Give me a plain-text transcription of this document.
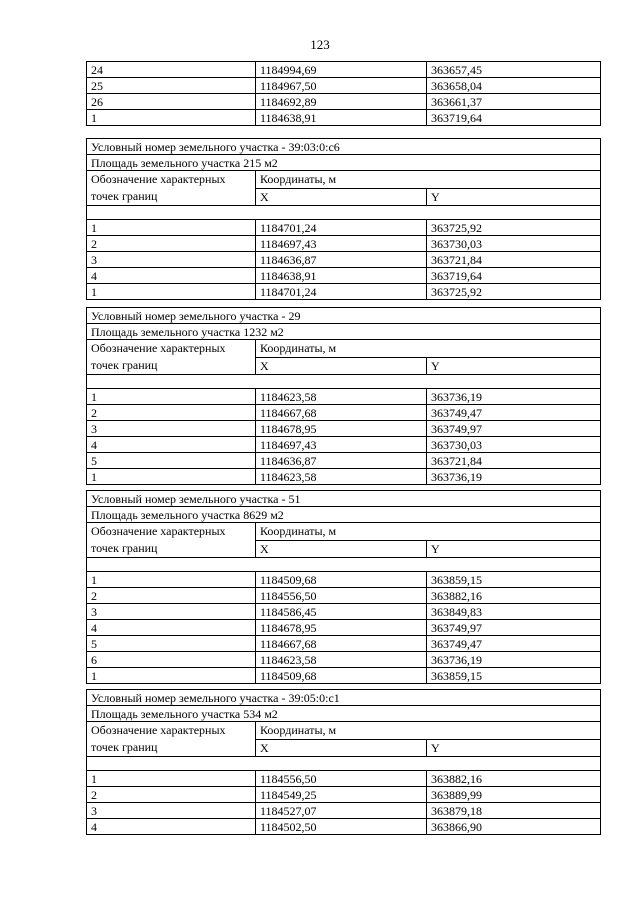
123
24	1184994,69	363657,45
25	1184967,50	363658,04
26	1184692,89	363661,37
1	1184638,91	363719,64
Условный номер земельного участка - 39:03:0:с6		
Площадь земельного участка 215 м2		

Обозначение характерных
точек границ	Координаты, м	
	X	Y

1	1184701,24	363725,92
2	1184697,43	363730,03
3	1184636,87	363721,84
4	1184638,91	363719,64
1	1184701,24	363725,92
Условный номер земельного участка - 29		
Площадь земельного участка 1232 м2		

Обозначение характерных
точек границ	Координаты, м	
	X	Y

1	1184623,58	363736,19
2	1184667,68	363749,47
3	1184678,95	363749,97
4	1184697,43	363730,03
5	1184636,87	363721,84
1	1184623,58	363736,19
Условный номер земельного участка - 51		
Площадь земельного участка 8629 м2		

Обозначение характерных
точек границ	Координаты, м	
	X	Y

1	1184509,68	363859,15
2	1184556,50	363882,16
3	1184586,45	363849,83
4	1184678,95	363749,97
5	1184667,68	363749,47
6	1184623,58	363736,19
1	1184509,68	363859,15
Условный номер земельного участка - 39:05:0:с1		
Площадь земельного участка 534 м2		

Обозначение характерных
точек границ	Координаты, м	
	X	Y

1	1184556,50	363882,16
2	1184549,25	363889,99
3	1184527,07	363879,18
4	1184502,50	363866,90
